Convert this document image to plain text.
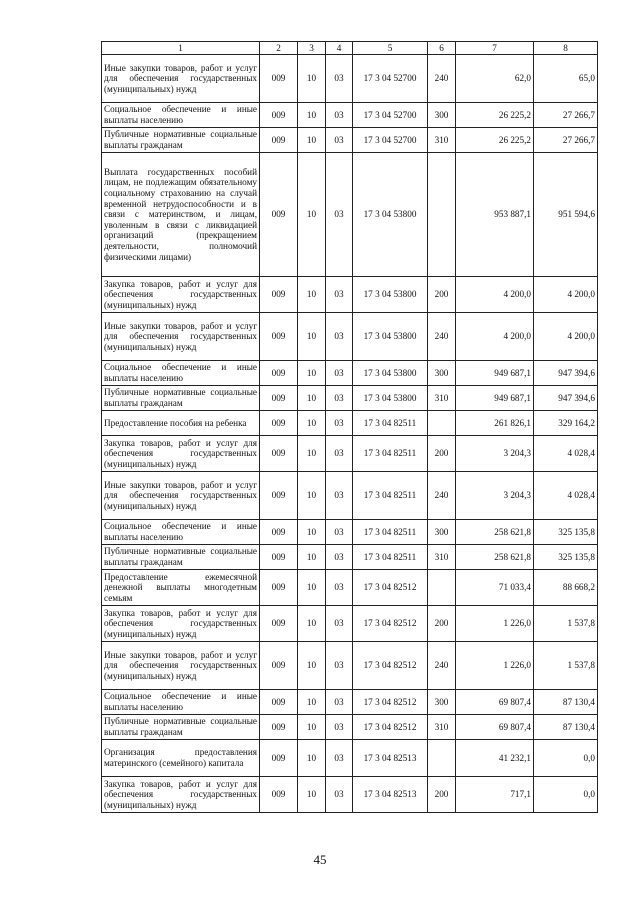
1	2	3	4	5	6	7	8
Иные закупки товаров, работ и услуг для обеспечения государственных (муниципальных) нужд	009	10	03	17 3 04 52700	240	62,0	65,0
Социальное обеспечение и иные выплаты населению	009	10	03	17 3 04 52700	300	26 225,2	27 266,7
Публичные нормативные социальные выплаты гражданам	009	10	03	17 3 04 52700	310	26 225,2	27 266,7
Выплата государственных пособий лицам, не подлежащим обязательному социальному страхованию на случай временной нетрудоспособности и в связи с материнством, и лицам, уволенным в связи с ликвидацией организаций (прекращением деятельности, полномочий физическими лицами)	009	10	03	17 3 04 53800		953 887,1	951 594,6
Закупка товаров, работ и услуг для обеспечения государственных (муниципальных) нужд	009	10	03	17 3 04 53800	200	4 200,0	4 200,0
Иные закупки товаров, работ и услуг для обеспечения государственных (муниципальных) нужд	009	10	03	17 3 04 53800	240	4 200,0	4 200,0
Социальное обеспечение и иные выплаты населению	009	10	03	17 3 04 53800	300	949 687,1	947 394,6
Публичные нормативные социальные выплаты гражданам	009	10	03	17 3 04 53800	310	949 687,1	947 394,6
Предоставление пособия на ребенка	009	10	03	17 3 04 82511		261 826,1	329 164,2
Закупка товаров, работ и услуг для обеспечения государственных (муниципальных) нужд	009	10	03	17 3 04 82511	200	3 204,3	4 028,4
Иные закупки товаров, работ и услуг для обеспечения государственных (муниципальных) нужд	009	10	03	17 3 04 82511	240	3 204,3	4 028,4
Социальное обеспечение и иные выплаты населению	009	10	03	17 3 04 82511	300	258 621,8	325 135,8
Публичные нормативные социальные выплаты гражданам	009	10	03	17 3 04 82511	310	258 621,8	325 135,8
Предоставление ежемесячной денежной выплаты многодетным семьям	009	10	03	17 3 04 82512		71 033,4	88 668,2
Закупка товаров, работ и услуг для обеспечения государственных (муниципальных) нужд	009	10	03	17 3 04 82512	200	1 226,0	1 537,8
Иные закупки товаров, работ и услуг для обеспечения государственных (муниципальных) нужд	009	10	03	17 3 04 82512	240	1 226,0	1 537,8
Социальное обеспечение и иные выплаты населению	009	10	03	17 3 04 82512	300	69 807,4	87 130,4
Публичные нормативные социальные выплаты гражданам	009	10	03	17 3 04 82512	310	69 807,4	87 130,4
Организация предоставления материнского (семейного) капитала	009	10	03	17 3 04 82513		41 232,1	0,0
Закупка товаров, работ и услуг для обеспечения государственных (муниципальных) нужд	009	10	03	17 3 04 82513	200	717,1	0,0
45
